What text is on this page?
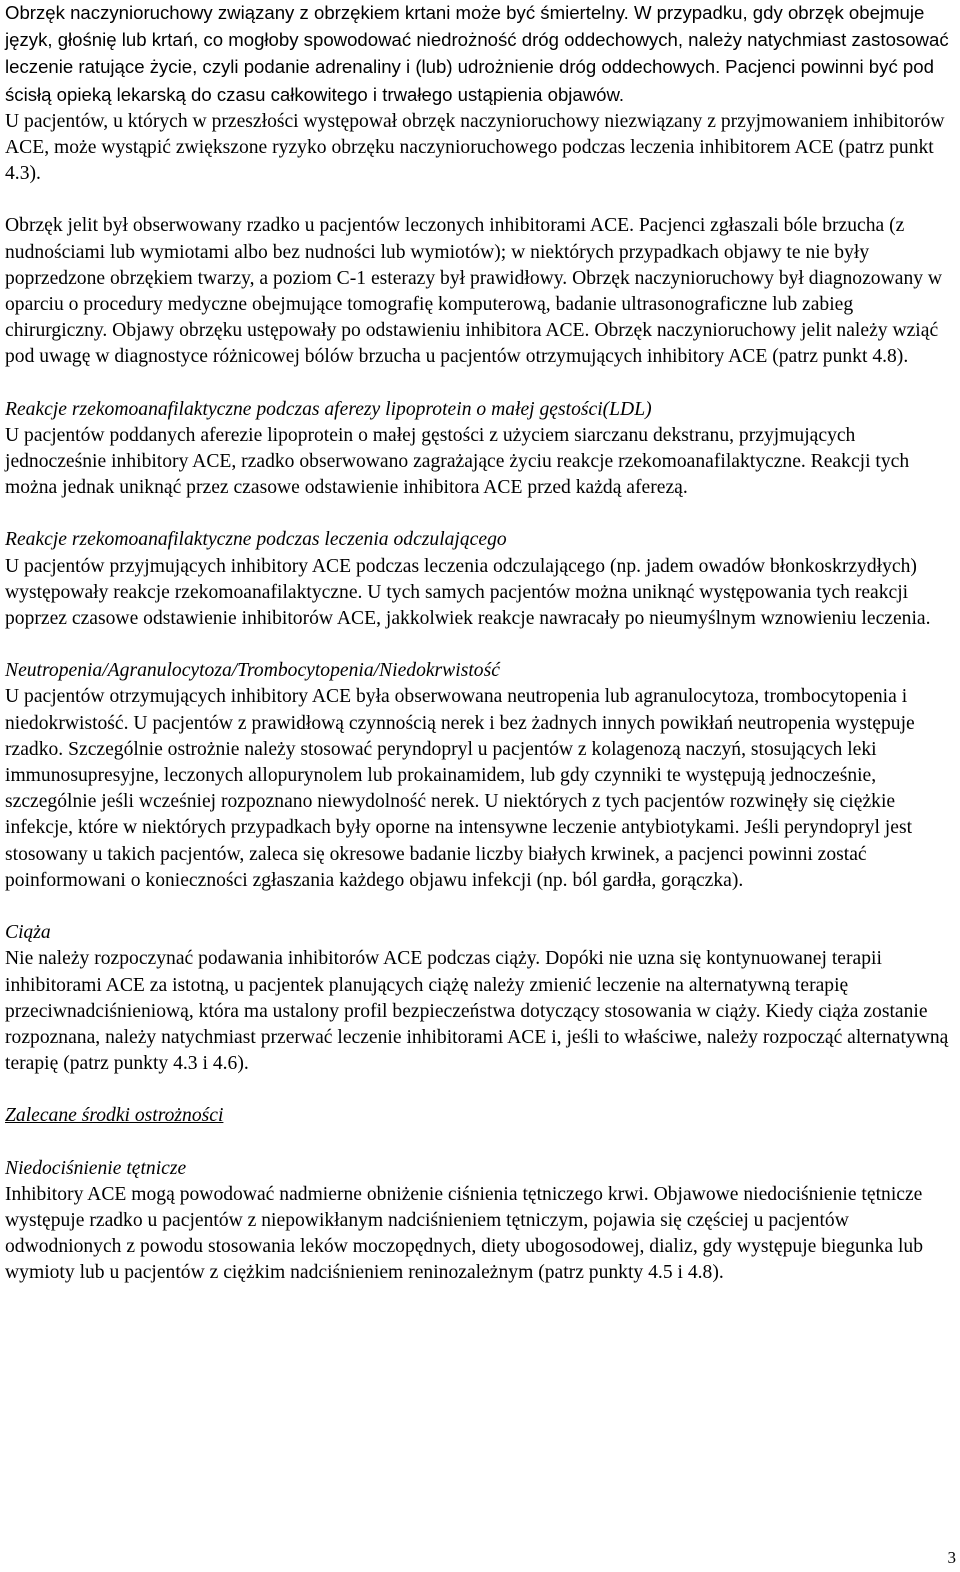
Obrzęk naczynioruchowy związany z obrzękiem krtani może być śmiertelny. W przypadku, gdy obrzęk obejmuje język, głośnię lub krtań, co mogłoby spowodować niedrożność dróg oddechowych, należy natychmiast zastosować leczenie ratujące życie, czyli podanie adrenaliny i (lub) udrożnienie dróg oddechowych. Pacjenci powinni być pod ścisłą opieką lekarską do czasu całkowitego i trwałego ustąpienia objawów.

U pacjentów, u których w przeszłości występował obrzęk naczynioruchowy niezwiązany z przyjmowaniem inhibitorów ACE, może wystąpić zwiększone ryzyko obrzęku naczynioruchowego podczas leczenia inhibitorem ACE (patrz punkt 4.3).

Obrzęk jelit był obserwowany rzadko u pacjentów leczonych inhibitorami ACE. Pacjenci zgłaszali bóle brzucha (z nudnościami lub wymiotami albo bez nudności lub wymiotów); w niektórych przypadkach objawy te nie były poprzedzone obrzękiem twarzy, a poziom C-1 esterazy był prawidłowy. Obrzęk naczynioruchowy był diagnozowany w oparciu o procedury medyczne obejmujące tomografię komputerową, badanie ultrasonograficzne lub zabieg chirurgiczny. Objawy obrzęku ustępowały po odstawieniu inhibitora ACE. Obrzęk naczynioruchowy jelit należy wziąć pod uwagę w diagnostyce różnicowej bólów brzucha u pacjentów otrzymujących inhibitory ACE (patrz punkt 4.8).

Reakcje rzekomoanafilaktyczne podczas aferezy lipoprotein o małej gęstości(LDL)

U pacjentów poddanych aferezie lipoprotein o małej gęstości z użyciem siarczanu dekstranu, przyjmujących jednocześnie inhibitory ACE, rzadko obserwowano zagrażające życiu reakcje rzekomoanafilaktyczne. Reakcji tych można jednak uniknąć przez czasowe odstawienie inhibitora ACE przed każdą aferezą.

Reakcje rzekomoanafilaktyczne podczas leczenia odczulającego

U pacjentów przyjmujących inhibitory ACE podczas leczenia odczulającego (np. jadem owadów błonkoskrzydłych) występowały reakcje rzekomoanafilaktyczne. U tych samych pacjentów można uniknąć występowania tych reakcji poprzez czasowe odstawienie inhibitorów ACE, jakkolwiek reakcje nawracały po nieumyślnym wznowieniu leczenia.

Neutropenia/Agranulocytoza/Trombocytopenia/Niedokrwistość

U pacjentów otrzymujących inhibitory ACE była obserwowana neutropenia lub agranulocytoza, trombocytopenia i niedokrwistość. U pacjentów z prawidłową czynnością nerek i bez żadnych innych powikłań neutropenia występuje rzadko. Szczególnie ostrożnie należy stosować peryndopryl u pacjentów z kolagenozą naczyń, stosujących leki immunosupresyjne, leczonych allopurynolem lub prokainamidem, lub gdy czynniki te występują jednocześnie, szczególnie jeśli wcześniej rozpoznano niewydolność nerek. U niektórych z tych pacjentów rozwinęły się ciężkie infekcje, które w niektórych przypadkach były oporne na intensywne leczenie antybiotykami. Jeśli peryndopryl jest stosowany u takich pacjentów, zaleca się okresowe badanie liczby białych krwinek, a pacjenci powinni zostać poinformowani o konieczności zgłaszania każdego objawu infekcji (np. ból gardła, gorączka).

Ciąża

Nie należy rozpoczynać podawania inhibitorów ACE podczas ciąży. Dopóki nie uzna się kontynuowanej terapii inhibitorami ACE za istotną, u pacjentek planujących ciążę należy zmienić leczenie na alternatywną terapię przeciwnadciśnieniową, która ma ustalony profil bezpieczeństwa dotyczący stosowania w ciąży. Kiedy ciąża zostanie rozpoznana, należy natychmiast przerwać leczenie inhibitorami ACE i, jeśli to właściwe, należy rozpocząć alternatywną terapię (patrz punkty 4.3 i 4.6).

Zalecane środki ostrożności

Niedociśnienie tętnicze

Inhibitory ACE mogą powodować nadmierne obniżenie ciśnienia tętniczego krwi. Objawowe niedociśnienie tętnicze występuje rzadko u pacjentów z niepowikłanym nadciśnieniem tętniczym, pojawia się częściej u pacjentów odwodnionych z powodu stosowania leków moczopędnych, diety ubogosodowej, dializ, gdy występuje biegunka lub wymioty lub u pacjentów z ciężkim nadciśnieniem reninozależnym (patrz punkty 4.5 i 4.8).

3
